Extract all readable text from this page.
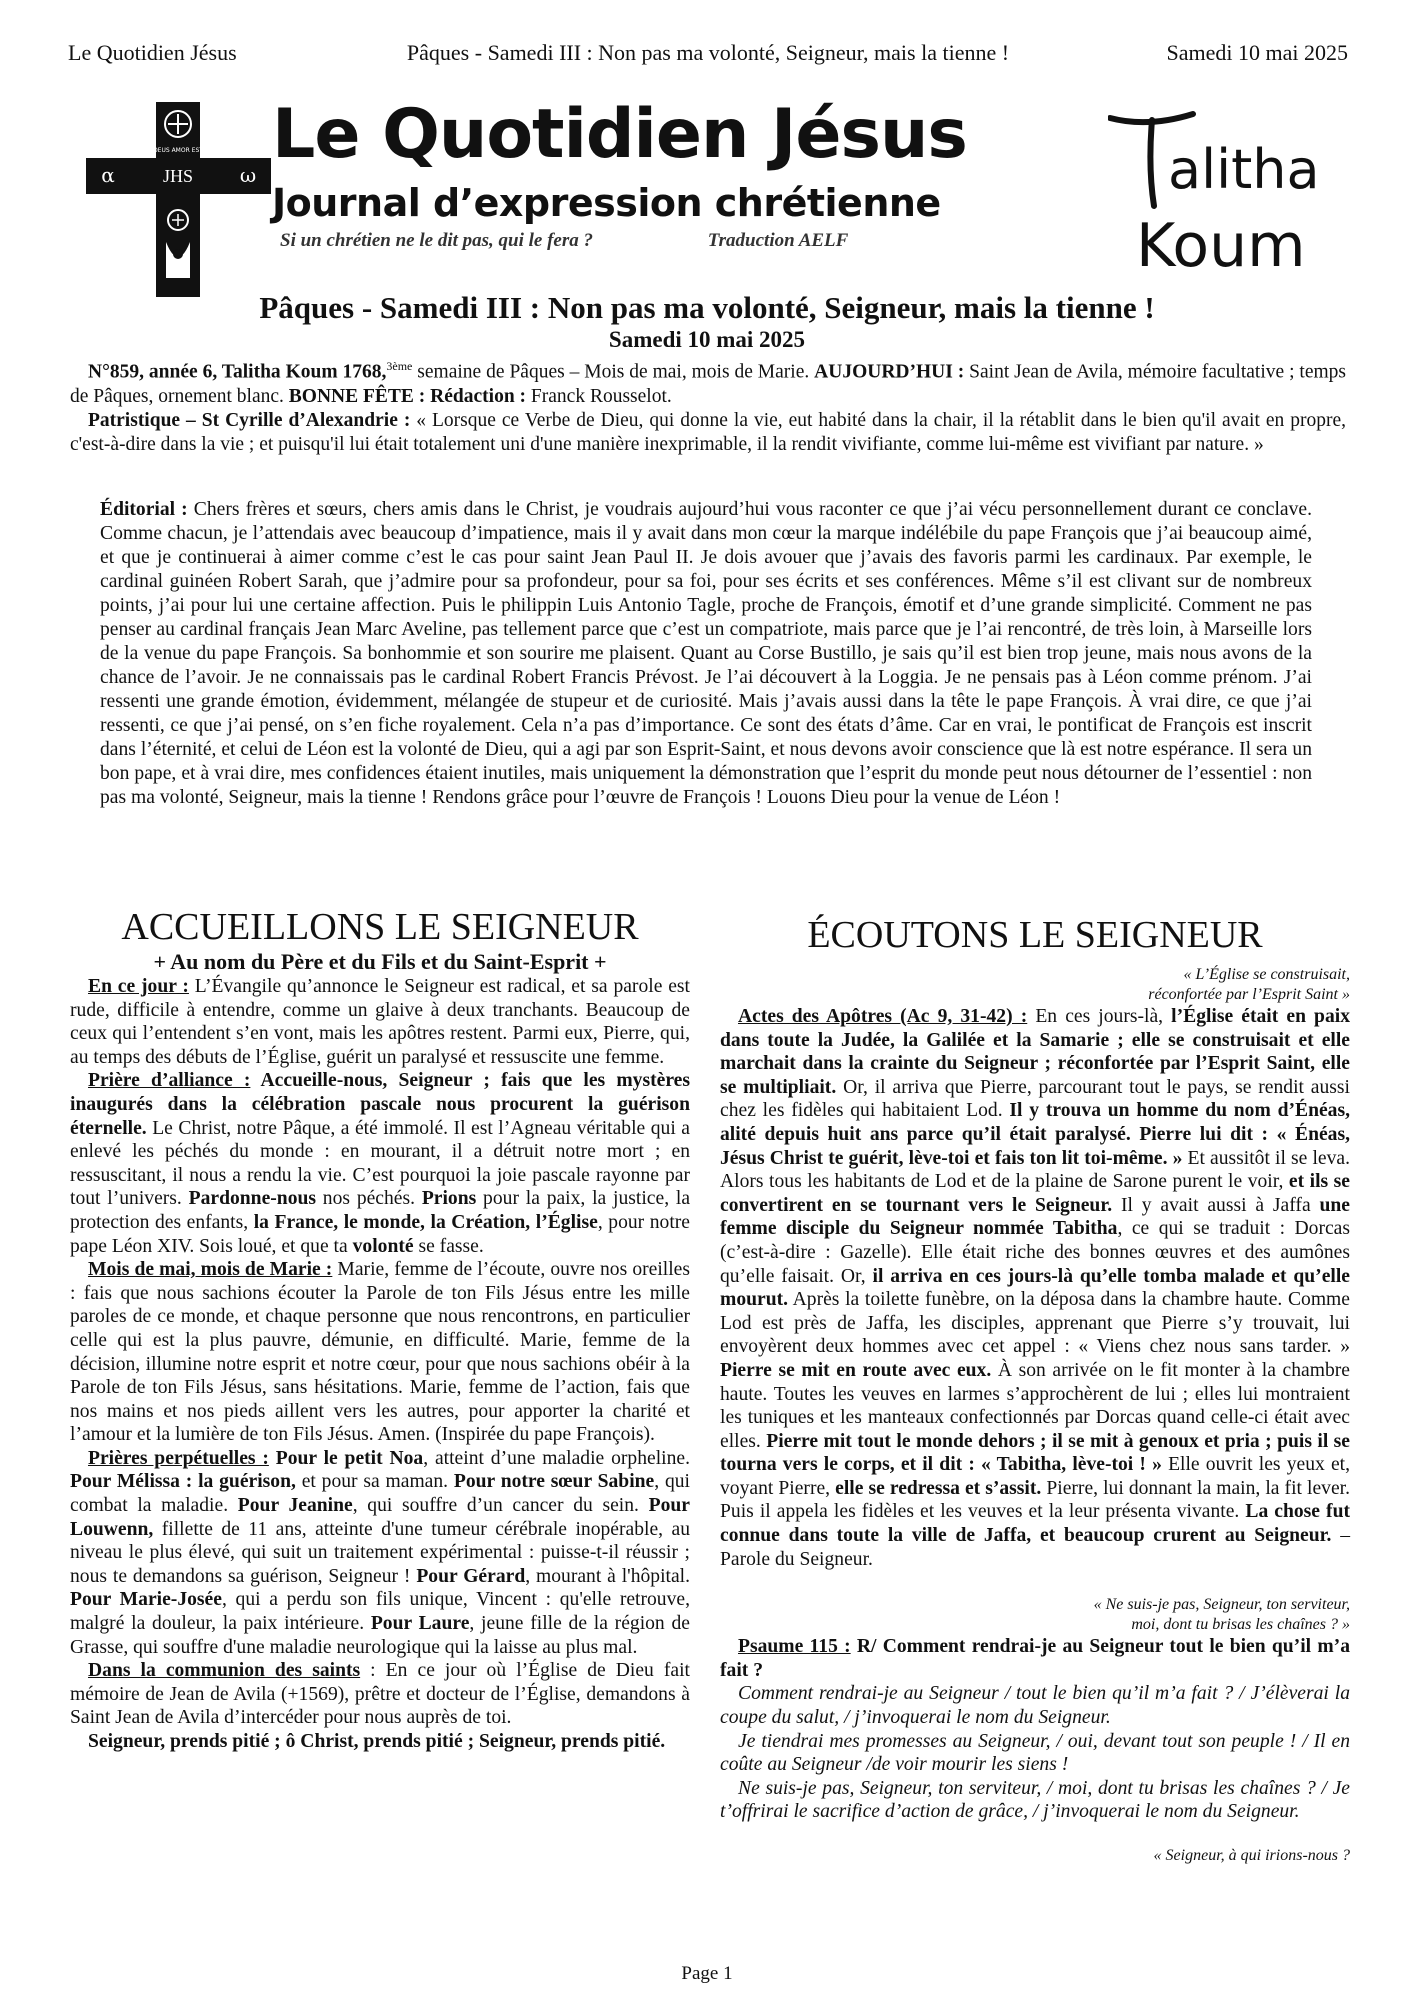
Le Quotidien Jésus	Pâques - Samedi III : Non pas ma volonté, Seigneur, mais la tienne !	Samedi 10 mai 2025
DEUS AMOR EST
JHS
α	ω
Le Quotidien Jésus
Journal d’expression chrétienne
Si un chrétien ne le dit pas, qui le fera ?	Traduction AELF
alitha
Koum
Pâques - Samedi III : Non pas ma volonté, Seigneur, mais la tienne !
Samedi 10 mai 2025

N°859, année 6, Talitha Koum 1768,$^{3ème}$ semaine de Pâques – Mois de mai, mois de Marie. AUJOURD’HUI : Saint Jean de Avila, mémoire facultative ; temps de Pâques, ornement blanc. BONNE FÊTE : Rédaction : Franck Rousselot.

Patristique – St Cyrille d’Alexandrie : « Lorsque ce Verbe de Dieu, qui donne la vie, eut habité dans la chair, il la rétablit dans le bien qu'il avait en propre, c'est-à-dire dans la vie ; et puisqu'il lui était totalement uni d'une manière inexprimable, il la rendit vivifiante, comme lui-même est vivifiant par nature. »

Éditorial : Chers frères et sœurs, chers amis dans le Christ, je voudrais aujourd’hui vous raconter ce que j’ai vécu personnellement durant ce conclave. Comme chacun, je l’attendais avec beaucoup d’impatience, mais il y avait dans mon cœur la marque indélébile du pape François que j’ai beaucoup aimé, et que je continuerai à aimer comme c’est le cas pour saint Jean Paul II. Je dois avouer que j’avais des favoris parmi les cardinaux. Par exemple, le cardinal guinéen Robert Sarah, que j’admire pour sa profondeur, pour sa foi, pour ses écrits et ses conférences. Même s’il est clivant sur de nombreux points, j’ai pour lui une certaine affection. Puis le philippin Luis Antonio Tagle, proche de François, émotif et d’une grande simplicité. Comment ne pas penser au cardinal français Jean Marc Aveline, pas tellement parce que c’est un compatriote, mais parce que je l’ai rencontré, de très loin, à Marseille lors de la venue du pape François. Sa bonhommie et son sourire me plaisent. Quant au Corse Bustillo, je sais qu’il est bien trop jeune, mais nous avons de la chance de l’avoir. Je ne connaissais pas le cardinal Robert Francis Prévost. Je l’ai découvert à la Loggia. Je ne pensais pas à Léon comme prénom. J’ai ressenti une grande émotion, évidemment, mélangée de stupeur et de curiosité. Mais j’avais aussi dans la tête le pape François. À vrai dire, ce que j’ai ressenti, ce que j’ai pensé, on s’en fiche royalement. Cela n’a pas d’importance. Ce sont des états d’âme. Car en vrai, le pontificat de François est inscrit dans l’éternité, et celui de Léon est la volonté de Dieu, qui a agi par son Esprit-Saint, et nous devons avoir conscience que là est notre espérance. Il sera un bon pape, et à vrai dire, mes confidences étaient inutiles, mais uniquement la démonstration que l’esprit du monde peut nous détourner de l’essentiel : non pas ma volonté, Seigneur, mais la tienne ! Rendons grâce pour l’œuvre de François ! Louons Dieu pour la venue de Léon !

ACCUEILLONS LE SEIGNEUR

+ Au nom du Père et du Fils et du Saint-Esprit +

En ce jour : L’Évangile qu’annonce le Seigneur est radical, et sa parole est rude, difficile à entendre, comme un glaive à deux tranchants. Beaucoup de ceux qui l’entendent s’en vont, mais les apôtres restent. Parmi eux, Pierre, qui, au temps des débuts de l’Église, guérit un paralysé et ressuscite une femme.

Prière d’alliance : Accueille-nous, Seigneur ; fais que les mystères inaugurés dans la célébration pascale nous procurent la guérison éternelle. Le Christ, notre Pâque, a été immolé. Il est l’Agneau véritable qui a enlevé les péchés du monde : en mourant, il a détruit notre mort ; en ressuscitant, il nous a rendu la vie. C’est pourquoi la joie pascale rayonne par tout l’univers. Pardonne-nous nos péchés. Prions pour la paix, la justice, la protection des enfants, la France, le monde, la Création, l’Église, pour notre pape Léon XIV. Sois loué, et que ta volonté se fasse.

Mois de mai, mois de Marie : Marie, femme de l’écoute, ouvre nos oreilles : fais que nous sachions écouter la Parole de ton Fils Jésus entre les mille paroles de ce monde, et chaque personne que nous rencontrons, en particulier celle qui est la plus pauvre, démunie, en difficulté. Marie, femme de la décision, illumine notre esprit et notre cœur, pour que nous sachions obéir à la Parole de ton Fils Jésus, sans hésitations. Marie, femme de l’action, fais que nos mains et nos pieds aillent vers les autres, pour apporter la charité et l’amour et la lumière de ton Fils Jésus. Amen. (Inspirée du pape François).

Prières perpétuelles : Pour le petit Noa, atteint d’une maladie orpheline. Pour Mélissa : la guérison, et pour sa maman. Pour notre sœur Sabine, qui combat la maladie. Pour Jeanine, qui souffre d’un cancer du sein. Pour Louwenn, fillette de 11 ans, atteinte d'une tumeur cérébrale inopérable, au niveau le plus élevé, qui suit un traitement expérimental : puisse-t-il réussir ; nous te demandons sa guérison, Seigneur ! Pour Gérard, mourant à l'hôpital. Pour Marie-Josée, qui a perdu son fils unique, Vincent : qu'elle retrouve, malgré la douleur, la paix intérieure. Pour Laure, jeune fille de la région de Grasse, qui souffre d'une maladie neurologique qui la laisse au plus mal.

Dans la communion des saints : En ce jour où l’Église de Dieu fait mémoire de Jean de Avila (+1569), prêtre et docteur de l’Église, demandons à Saint Jean de Avila d’intercéder pour nous auprès de toi.

Seigneur, prends pitié ; ô Christ, prends pitié ; Seigneur, prends pitié.

ÉCOUTONS LE SEIGNEUR

« L’Église se construisait,
réconfortée par l’Esprit Saint »

Actes des Apôtres (Ac 9, 31-42) : En ces jours-là, l’Église était en paix dans toute la Judée, la Galilée et la Samarie ; elle se construisait et elle marchait dans la crainte du Seigneur ; réconfortée par l’Esprit Saint, elle se multipliait. Or, il arriva que Pierre, parcourant tout le pays, se rendit aussi chez les fidèles qui habitaient Lod. Il y trouva un homme du nom d’Énéas, alité depuis huit ans parce qu’il était paralysé. Pierre lui dit : « Énéas, Jésus Christ te guérit, lève-toi et fais ton lit toi-même. » Et aussitôt il se leva. Alors tous les habitants de Lod et de la plaine de Sarone purent le voir, et ils se convertirent en se tournant vers le Seigneur. Il y avait aussi à Jaffa une femme disciple du Seigneur nommée Tabitha, ce qui se traduit : Dorcas (c’est-à-dire : Gazelle). Elle était riche des bonnes œuvres et des aumônes qu’elle faisait. Or, il arriva en ces jours-là qu’elle tomba malade et qu’elle mourut. Après la toilette funèbre, on la déposa dans la chambre haute. Comme Lod est près de Jaffa, les disciples, apprenant que Pierre s’y trouvait, lui envoyèrent deux hommes avec cet appel : « Viens chez nous sans tarder. » Pierre se mit en route avec eux. À son arrivée on le fit monter à la chambre haute. Toutes les veuves en larmes s’approchèrent de lui ; elles lui montraient les tuniques et les manteaux confectionnés par Dorcas quand celle-ci était avec elles. Pierre mit tout le monde dehors ; il se mit à genoux et pria ; puis il se tourna vers le corps, et il dit : « Tabitha, lève-toi ! » Elle ouvrit les yeux et, voyant Pierre, elle se redressa et s’assit. Pierre, lui donnant la main, la fit lever. Puis il appela les fidèles et les veuves et la leur présenta vivante. La chose fut connue dans toute la ville de Jaffa, et beaucoup crurent au Seigneur. – Parole du Seigneur.

« Ne suis-je pas, Seigneur, ton serviteur,
moi, dont tu brisas les chaînes ? »

Psaume 115 : R/ Comment rendrai-je au Seigneur tout le bien qu’il m’a fait ?

Comment rendrai-je au Seigneur / tout le bien qu’il m’a fait ? / J’élèverai la coupe du salut, / j’invoquerai le nom du Seigneur.

Je tiendrai mes promesses au Seigneur, / oui, devant tout son peuple ! / Il en coûte au Seigneur /de voir mourir les siens !

Ne suis-je pas, Seigneur, ton serviteur, / moi, dont tu brisas les chaînes ? / Je t’offrirai le sacrifice d’action de grâce, / j’invoquerai le nom du Seigneur.

« Seigneur, à qui irions-nous ?

Page 1
